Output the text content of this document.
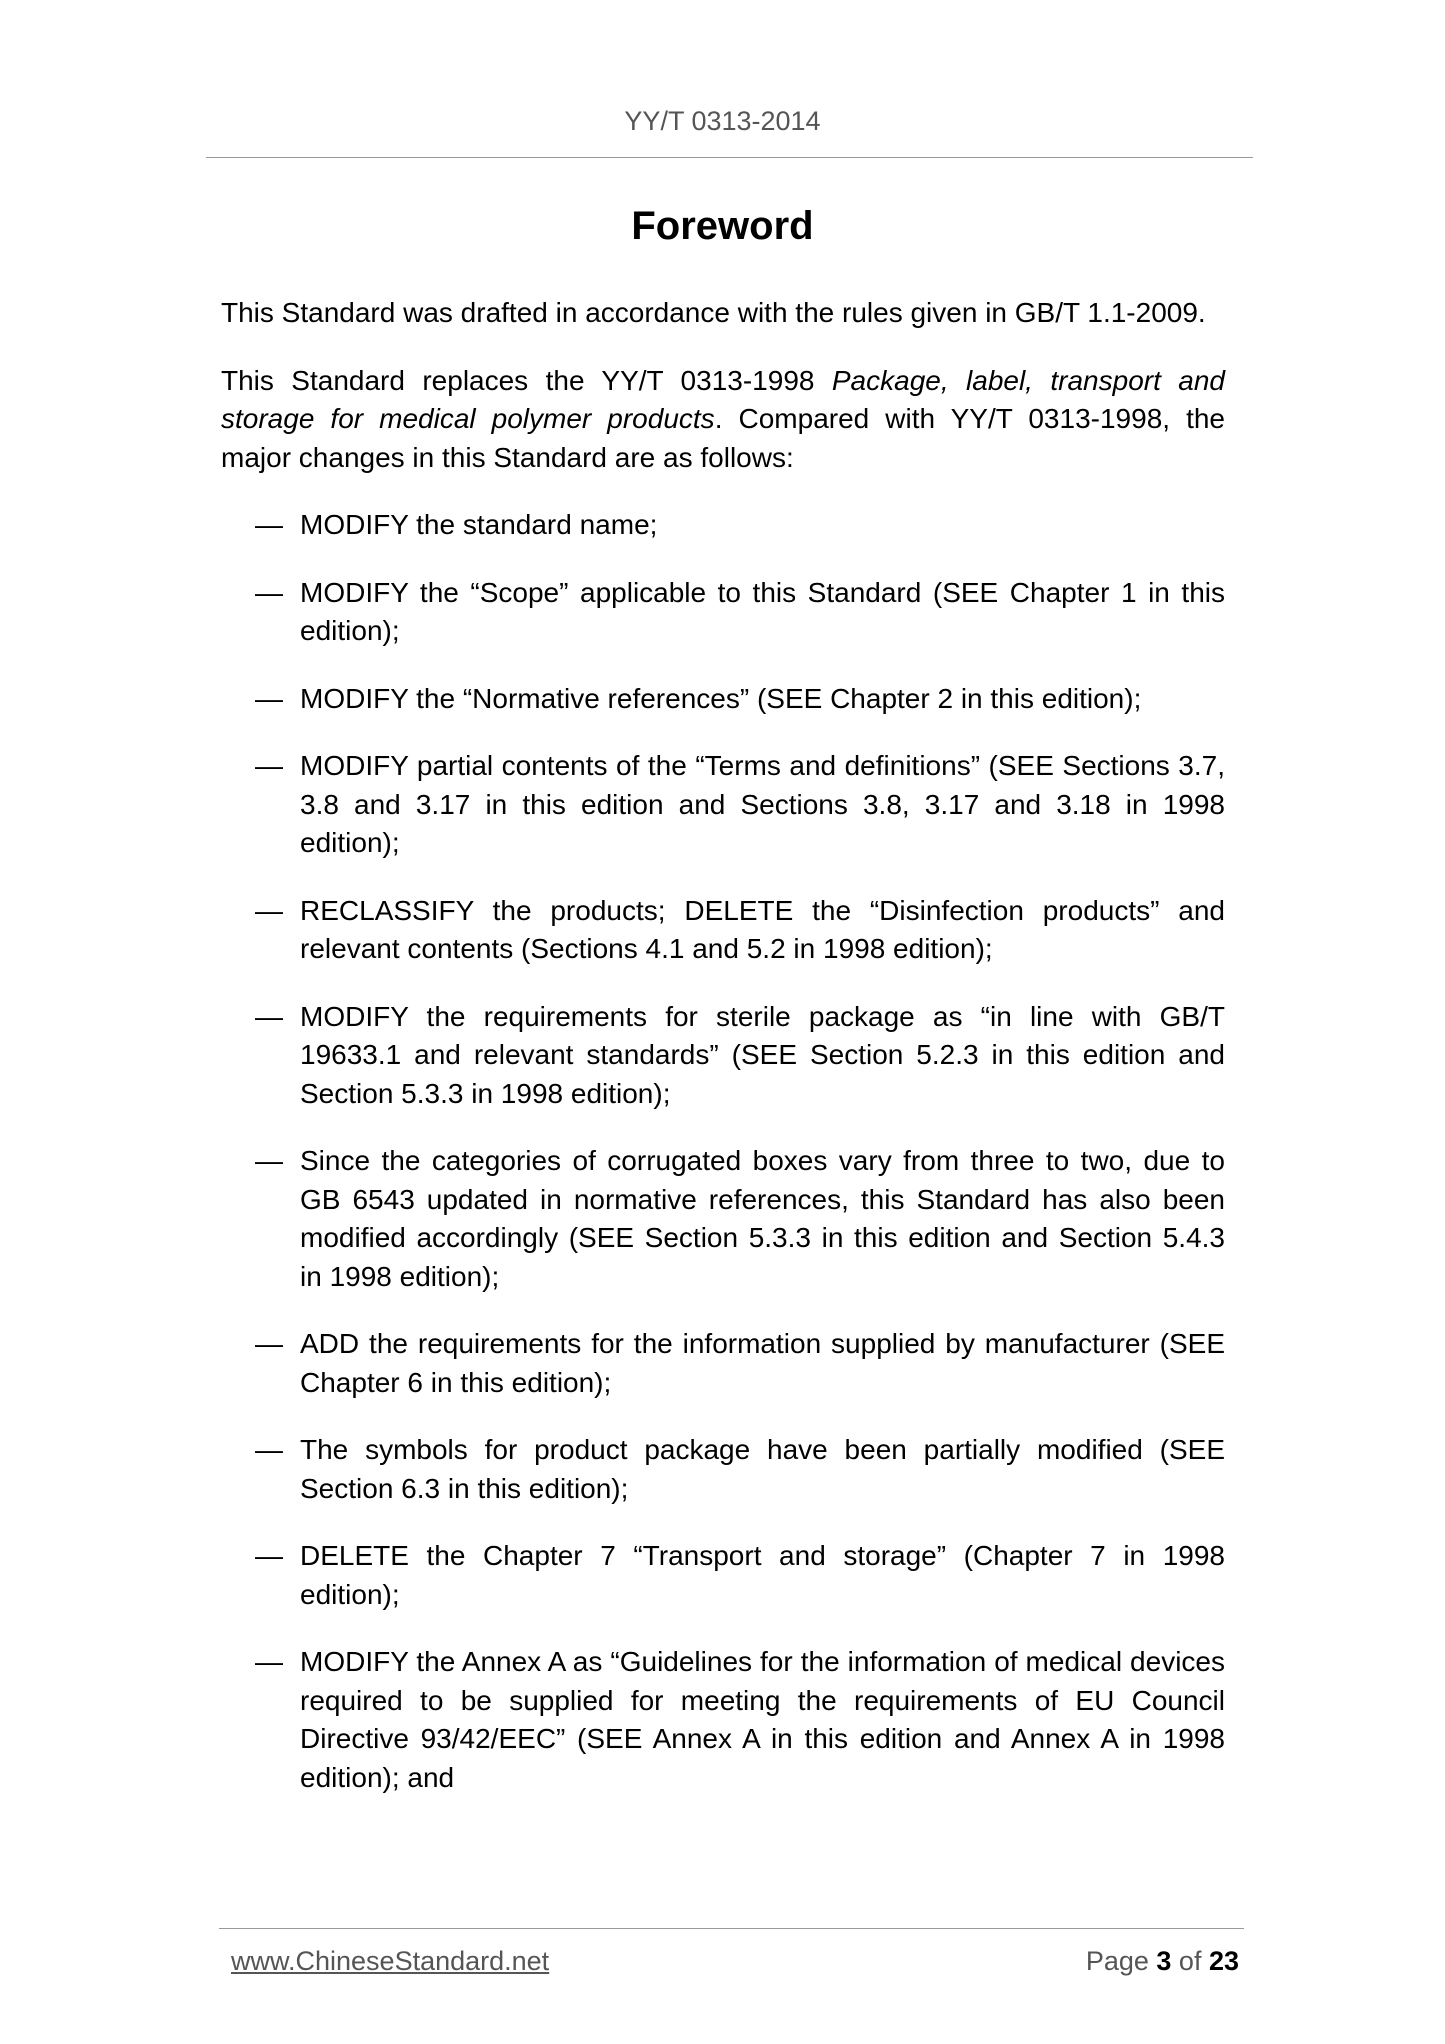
YY/T 0313-2014
Foreword

This Standard was drafted in accordance with the rules given in GB/T 1.1-2009.

This Standard replaces the YY/T 0313-1998 Package, label, transport and storage for medical polymer products. Compared with YY/T 0313-1998, the major changes in this Standard are as follows:

— MODIFY the standard name;
— MODIFY the “Scope” applicable to this Standard (SEE Chapter 1 in this edition);
— MODIFY the “Normative references” (SEE Chapter 2 in this edition);
— MODIFY partial contents of the “Terms and definitions” (SEE Sections 3.7, 3.8 and 3.17 in this edition and Sections 3.8, 3.17 and 3.18 in 1998 edition);
— RECLASSIFY the products; DELETE the “Disinfection products” and relevant contents (Sections 4.1 and 5.2 in 1998 edition);
— MODIFY the requirements for sterile package as “in line with GB/T 19633.1 and relevant standards” (SEE Section 5.2.3 in this edition and Section 5.3.3 in 1998 edition);
— Since the categories of corrugated boxes vary from three to two, due to GB 6543 updated in normative references, this Standard has also been modified accordingly (SEE Section 5.3.3 in this edition and Section 5.4.3 in 1998 edition);
— ADD the requirements for the information supplied by manufacturer (SEE Chapter 6 in this edition);
— The symbols for product package have been partially modified (SEE Section 6.3 in this edition);
— DELETE the Chapter 7 “Transport and storage” (Chapter 7 in 1998 edition);
— MODIFY the Annex A as “Guidelines for the information of medical devices required to be supplied for meeting the requirements of EU Council Directive 93/42/EEC” (SEE Annex A in this edition and Annex A in 1998 edition); and
www.ChineseStandard.net	Page 3 of 23
